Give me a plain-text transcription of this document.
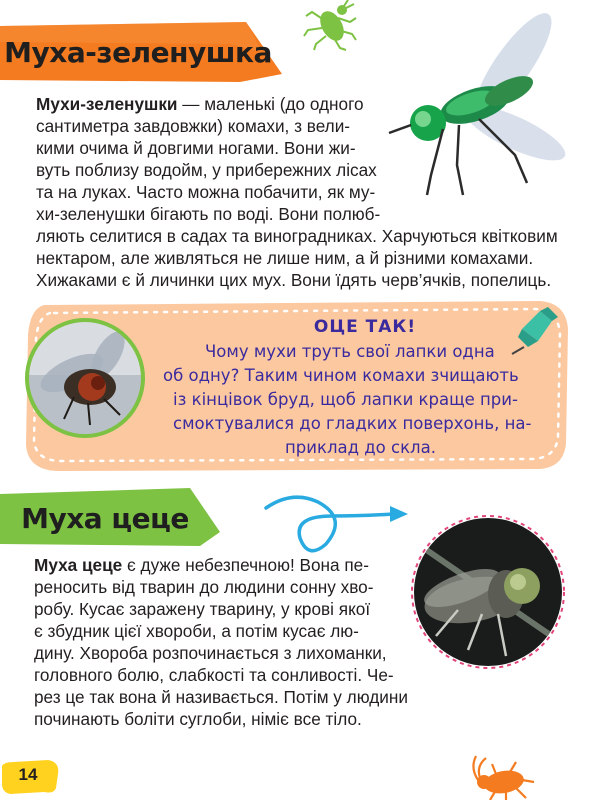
Муха-зеленушка
Мухи-зеленушки — маленькі (до одного
сантиметра завдовжки) комахи, з вели-
кими очима й довгими ногами. Вони жи-
вуть поблизу водойм, у прибережних лісах
та на луках. Часто можна побачити, як му-
хи-зеленушки бігають по воді. Вони полюб-
ляють селитися в садах та виноградниках. Харчуються квітковим
нектаром, але живляться не лише ним, а й різними комахами.
Хижаками є й личинки цих мух. Вони їдять черв’ячків, попелиць.
ОЦЕ ТАК!
Чому мухи труть свої лапки одна
об одну? Таким чином комахи зчищають
із кінцівок бруд, щоб лапки краще при-
смоктувалися до гладких поверхонь, на-
приклад до скла.
Муха цеце
Муха цеце є дуже небезпечною! Вона пе-
реносить від тварин до людини сонну хво-
робу. Кусає заражену тварину, у крові якої
є збудник цієї хвороби, а потім кусає лю-
дину. Хвороба розпочинається з лихоманки,
головного болю, слабкості та сонливості. Че-
рез це так вона й називається. Потім у людини
починають боліти суглоби, німіє все тіло.
14
